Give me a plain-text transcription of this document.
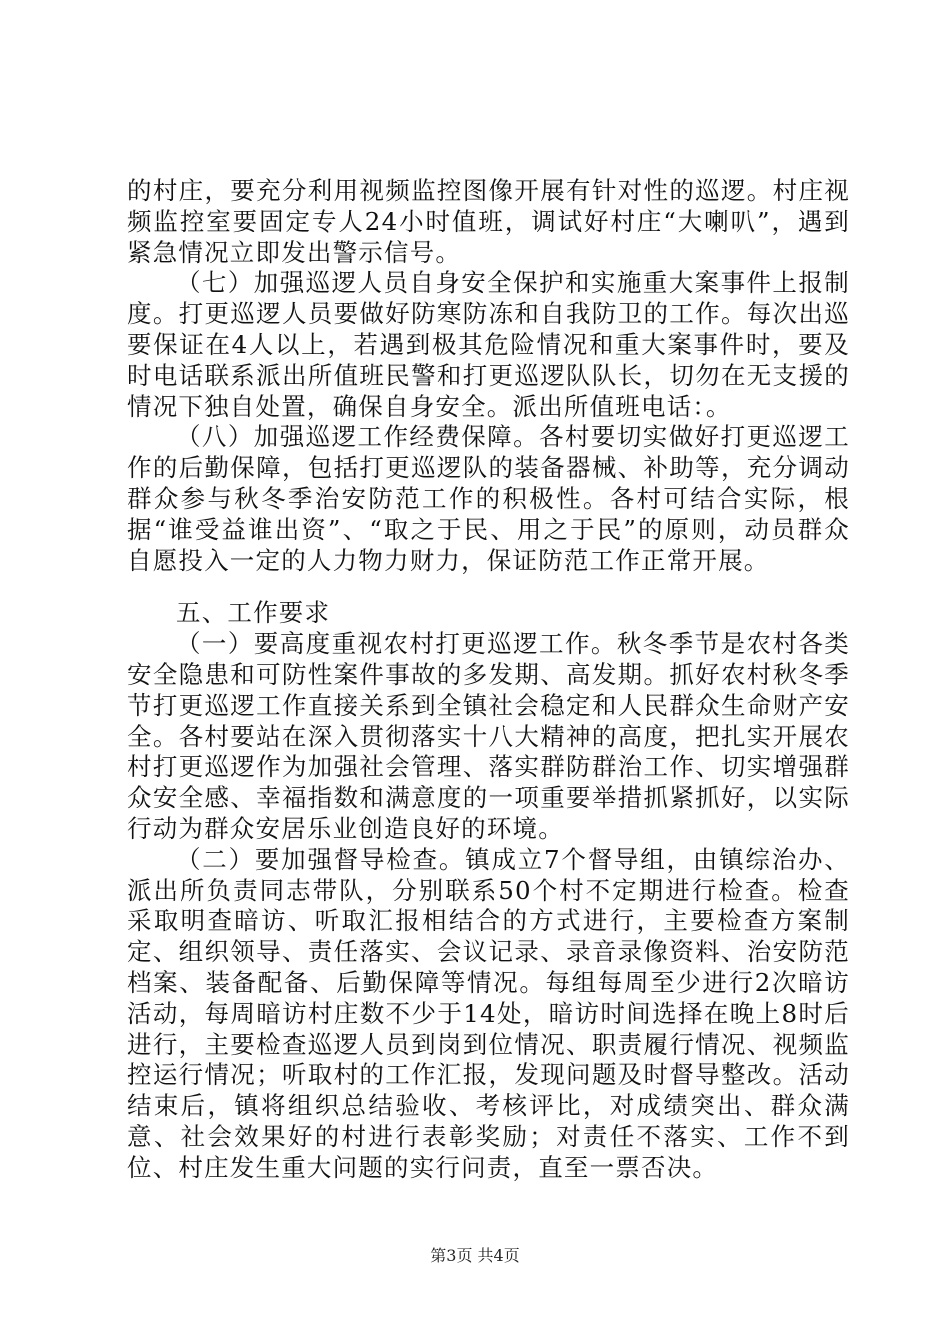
的村庄，要充分利用视频监控图像开展有针对性的巡逻。村庄视频监控室要固定专人24小时值班，调试好村庄“大喇叭”，遇到紧急情况立即发出警示信号。

（七）加强巡逻人员自身安全保护和实施重大案事件上报制度。打更巡逻人员要做好防寒防冻和自我防卫的工作。每次出巡要保证在4人以上，若遇到极其危险情况和重大案事件时，要及时电话联系派出所值班民警和打更巡逻队队长，切勿在无支援的情况下独自处置，确保自身安全。派出所值班电话：。

（八）加强巡逻工作经费保障。各村要切实做好打更巡逻工作的后勤保障，包括打更巡逻队的装备器械、补助等，充分调动群众参与秋冬季治安防范工作的积极性。各村可结合实际，根据“谁受益谁出资”、“取之于民、用之于民”的原则，动员群众自愿投入一定的人力物力财力，保证防范工作正常开展。

五、工作要求

（一）要高度重视农村打更巡逻工作。秋冬季节是农村各类安全隐患和可防性案件事故的多发期、高发期。抓好农村秋冬季节打更巡逻工作直接关系到全镇社会稳定和人民群众生命财产安全。各村要站在深入贯彻落实十八大精神的高度，把扎实开展农村打更巡逻作为加强社会管理、落实群防群治工作、切实增强群众安全感、幸福指数和满意度的一项重要举措抓紧抓好，以实际行动为群众安居乐业创造良好的环境。

（二）要加强督导检查。镇成立7个督导组，由镇综治办、派出所负责同志带队，分别联系50个村不定期进行检查。检查采取明查暗访、听取汇报相结合的方式进行，主要检查方案制定、组织领导、责任落实、会议记录、录音录像资料、治安防范档案、装备配备、后勤保障等情况。每组每周至少进行2次暗访活动，每周暗访村庄数不少于14处，暗访时间选择在晚上8时后进行，主要检查巡逻人员到岗到位情况、职责履行情况、视频监控运行情况；听取村的工作汇报，发现问题及时督导整改。活动结束后，镇将组织总结验收、考核评比，对成绩突出、群众满意、社会效果好的村进行表彰奖励；对责任不落实、工作不到位、村庄发生重大问题的实行问责，直至一票否决。

第3页 共4页
